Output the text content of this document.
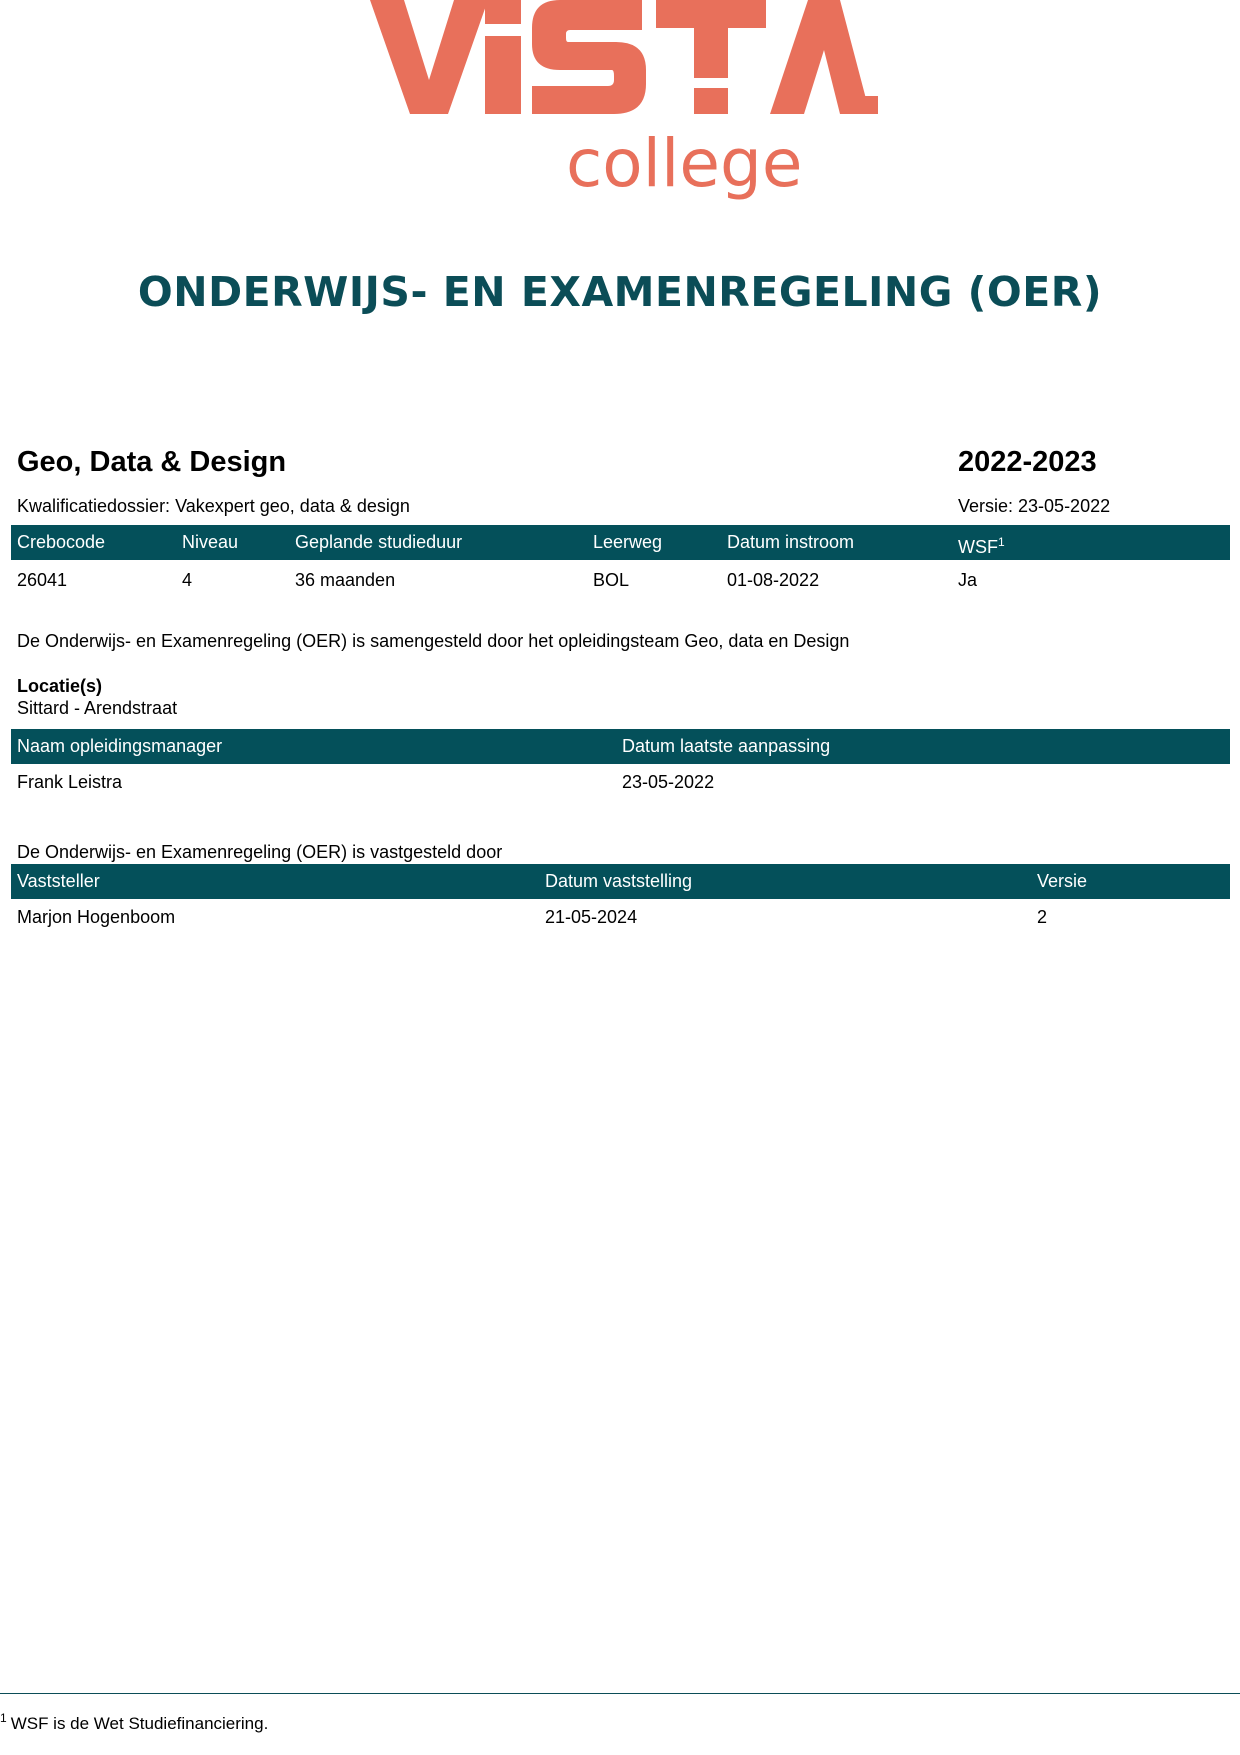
college
ONDERWIJS- EN EXAMENREGELING (OER)
Geo, Data & Design	2022-2023
Kwalificatiedossier: Vakexpert geo, data & design	Versie: 23-05-2022
Crebocode	Niveau	Geplande studieduur	Leerweg	Datum instroom	WSF$^1$
26041	4	36 maanden	BOL	01-08-2022	Ja
De Onderwijs- en Examenregeling (OER) is samengesteld door het opleidingsteam Geo, data en Design
Locatie(s)
Sittard - Arendstraat
Naam opleidingsmanager	Datum laatste aanpassing
Frank Leistra	23-05-2022
De Onderwijs- en Examenregeling (OER) is vastgesteld door
Vaststeller	Datum vaststelling	Versie
Marjon Hogenboom	21-05-2024	2
$^1$ WSF is de Wet Studiefinanciering.
